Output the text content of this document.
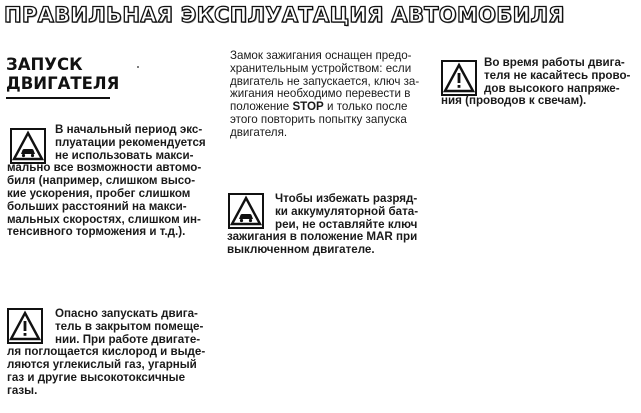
ПРАВИЛЬНАЯ ЭКСПЛУАТАЦИЯ АВТОМОБИЛЯ
ЗАПУСК
ДВИГАТЕЛЯ
В начальный период экс-
плуатации рекомендуется
не использовать макси-
мально все возможности автомо-
биля (например, слишком высо-
кие ускорения, пробег слишком
больших расстояний на макси-
мальных скоростях, слишком ин-
тенсивного торможения и т.д.).
Опасно запускать двига-
тель в закрытом помеще-
нии. При работе двигате-
ля поглощается кислород и выде-
ляются углекислый газ, угарный
газ и другие высокотоксичные
газы.
Замок зажигания оснащен предо-
хранительным устройством: если
двигатель не запускается, ключ за-
жигания необходимо перевести в
положение STOP и только после
этого повторить попытку запуска
двигателя.
Чтобы избежать разряд-
ки аккумуляторной бата-
реи, не оставляйте ключ
зажигания в положение MAR при
выключенном двигателе.
Во время работы двига-
теля не касайтесь прово-
дов высокого напряже-
ния (проводов к свечам).
